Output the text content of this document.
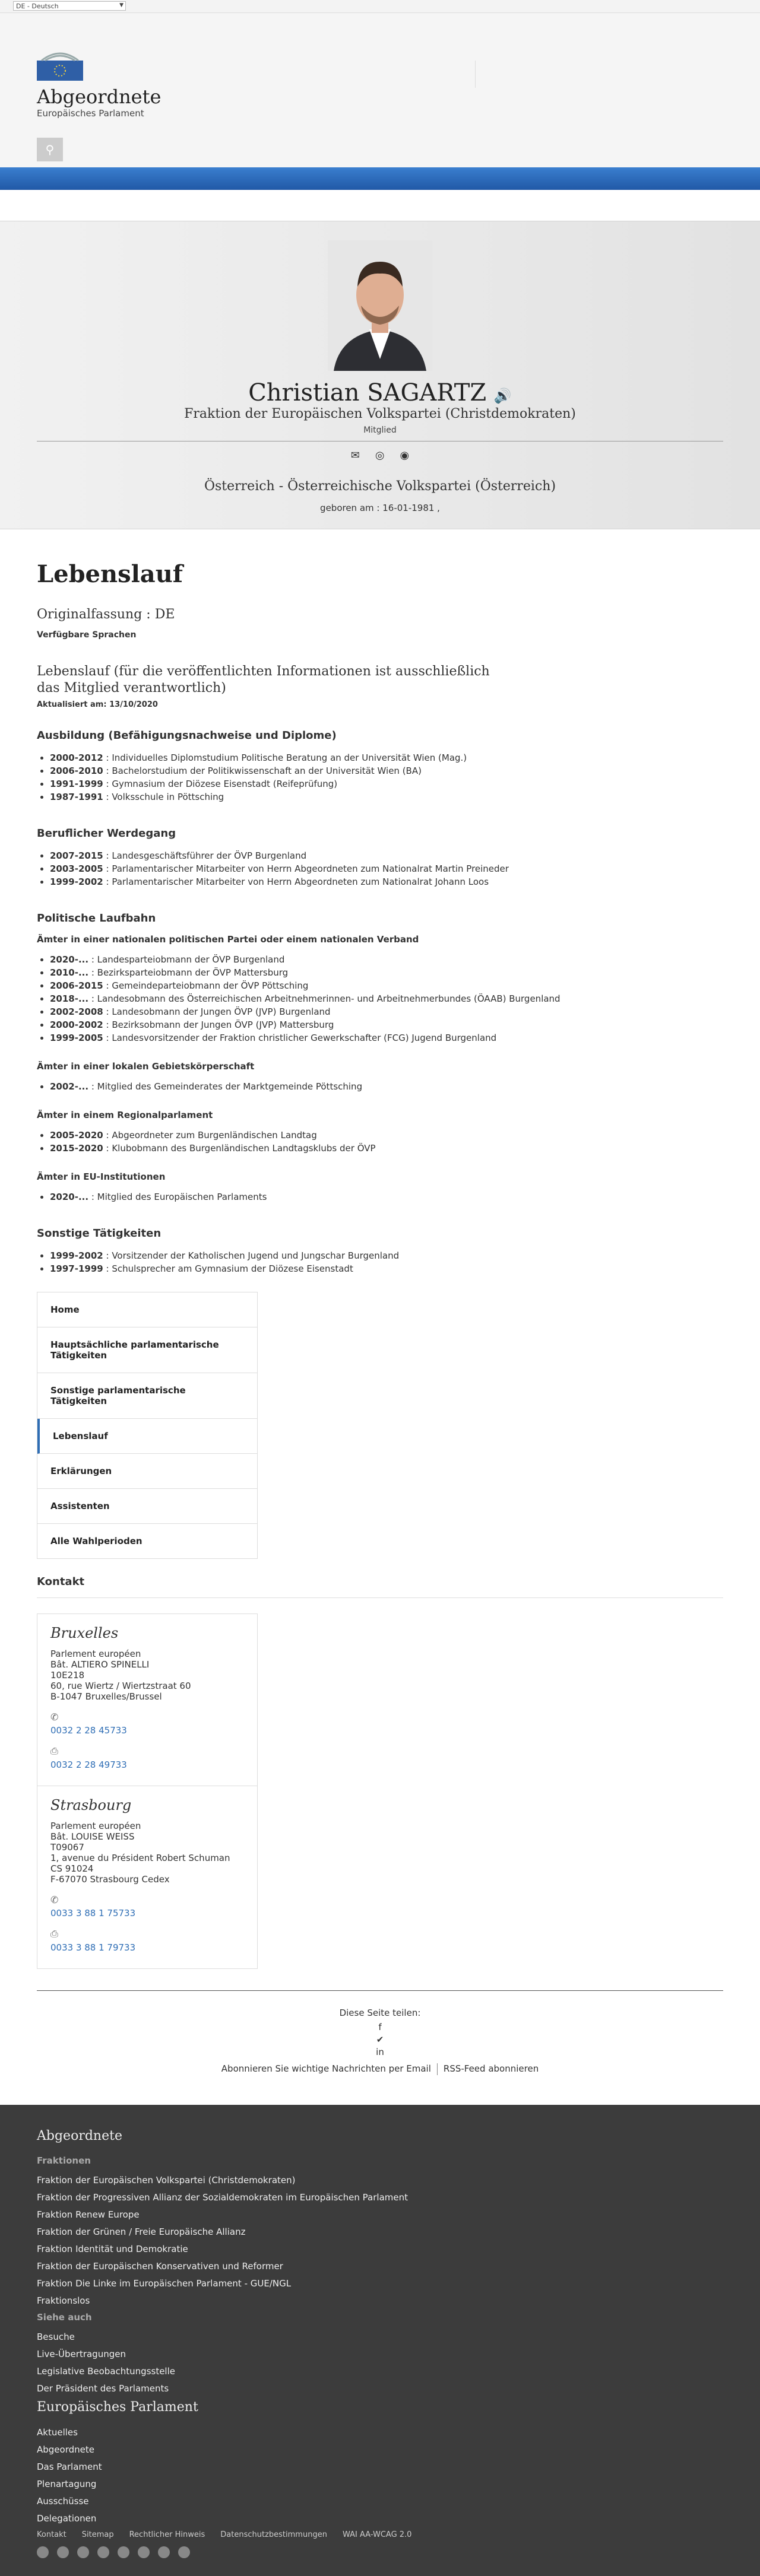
DE - Deutsch	▼
Abgeordnete
Europäisches Parlament
⚲
Christian SAGARTZ 🔊
Fraktion der Europäischen Volkspartei (Christdemokraten)
Mitglied
✉ ◎ ◉
Österreich - Österreichische Volkspartei (Österreich)
geboren am : 16-01-1981 ,
Lebenslauf
Originalfassung : DE
Verfügbare Sprachen
Lebenslauf (für die veröffentlichten Informationen ist ausschließlich das Mitglied verantwortlich)
Aktualisiert am: 13/10/2020
Ausbildung (Befähigungsnachweise und Diplome)
• 2000-2012 : Individuelles Diplomstudium Politische Beratung an der Universität Wien (Mag.)
• 2006-2010 : Bachelorstudium der Politikwissenschaft an der Universität Wien (BA)
• 1991-1999 : Gymnasium der Diözese Eisenstadt (Reifeprüfung)
• 1987-1991 : Volksschule in Pöttsching
Beruflicher Werdegang
• 2007-2015 : Landesgeschäftsführer der ÖVP Burgenland
• 2003-2005 : Parlamentarischer Mitarbeiter von Herrn Abgeordneten zum Nationalrat Martin Preineder
• 1999-2002 : Parlamentarischer Mitarbeiter von Herrn Abgeordneten zum Nationalrat Johann Loos
Politische Laufbahn
Ämter in einer nationalen politischen Partei oder einem nationalen Verband
• 2020-... : Landesparteiobmann der ÖVP Burgenland
• 2010-... : Bezirksparteiobmann der ÖVP Mattersburg
• 2006-2015 : Gemeindeparteiobmann der ÖVP Pöttsching
• 2018-... : Landesobmann des Österreichischen Arbeitnehmerinnen- und Arbeitnehmerbundes (ÖAAB) Burgenland
• 2002-2008 : Landesobmann der Jungen ÖVP (JVP) Burgenland
• 2000-2002 : Bezirksobmann der Jungen ÖVP (JVP) Mattersburg
• 1999-2005 : Landesvorsitzender der Fraktion christlicher Gewerkschafter (FCG) Jugend Burgenland
Ämter in einer lokalen Gebietskörperschaft
• 2002-... : Mitglied des Gemeinderates der Marktgemeinde Pöttsching
Ämter in einem Regionalparlament
• 2005-2020 : Abgeordneter zum Burgenländischen Landtag
• 2015-2020 : Klubobmann des Burgenländischen Landtagsklubs der ÖVP
Ämter in EU-Institutionen
• 2020-... : Mitglied des Europäischen Parlaments
Sonstige Tätigkeiten
• 1999-2002 : Vorsitzender der Katholischen Jugend und Jungschar Burgenland
• 1997-1999 : Schulsprecher am Gymnasium der Diözese Eisenstadt
Home
Hauptsächliche parlamentarische Tätigkeiten
Sonstige parlamentarische Tätigkeiten
Lebenslauf
Erklärungen
Assistenten
Alle Wahlperioden
Kontakt
Bruxelles
Parlement européen
Bât. ALTIERO SPINELLI
10E218
60, rue Wiertz / Wiertzstraat 60
B-1047 Bruxelles/Brussel
✆
0032 2 28 45733
⎙
0032 2 28 49733
Strasbourg
Parlement européen
Bât. LOUISE WEISS
T09067
1, avenue du Président Robert Schuman
CS 91024
F-67070 Strasbourg Cedex
✆
0033 3 88 1 75733
⎙
0033 3 88 1 79733
Diese Seite teilen:
f
✔
in
Abonnieren Sie wichtige Nachrichten per Email RSS-Feed abonnieren
Abgeordnete
Fraktionen
Fraktion der Europäischen Volkspartei (Christdemokraten)
Fraktion der Progressiven Allianz der Sozialdemokraten im Europäischen Parlament
Fraktion Renew Europe
Fraktion der Grünen / Freie Europäische Allianz
Fraktion Identität und Demokratie
Fraktion der Europäischen Konservativen und Reformer
Fraktion Die Linke im Europäischen Parlament - GUE/NGL
Fraktionslos
Siehe auch
Besuche
Live-Übertragungen
Legislative Beobachtungsstelle
Der Präsident des Parlaments
Europäisches Parlament
Aktuelles
Abgeordnete
Das Parlament
Plenartagung
Ausschüsse
Delegationen
Kontakt Sitemap Rechtlicher Hinweis Datenschutzbestimmungen WAI AA-WCAG 2.0
